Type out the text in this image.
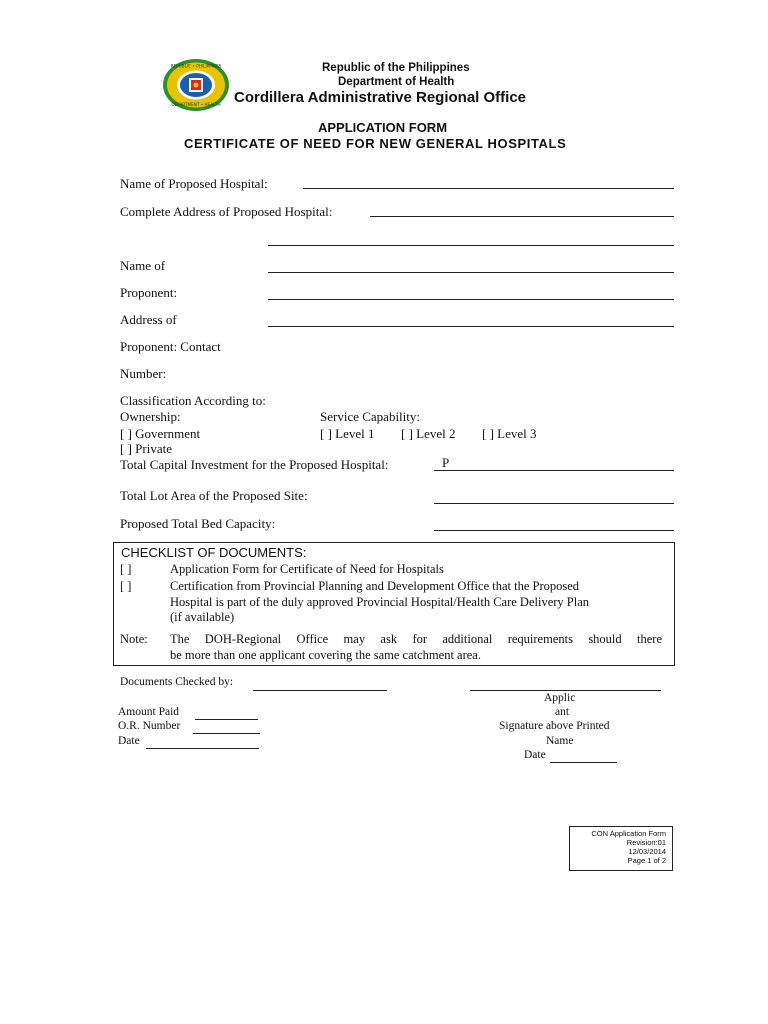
REPUBLIC • PHILIPPINES
DEPARTMENT • HEALTH
Republic of the Philippines
Department of Health
Cordillera Administrative Regional Office
APPLICATION FORM
CERTIFICATE OF NEED FOR NEW GENERAL HOSPITALS
Name of Proposed Hospital:
Complete Address of Proposed Hospital:
Name of
Proponent:
Address of
Proponent: Contact
Number:
Classification According to:
Ownership:
[ ] Government
[ ] Private
Service Capability:
[ ] Level 1 [ ] Level 2 [ ] Level 3
Total Capital Investment for the Proposed Hospital:	P
Total Lot Area of the Proposed Site:
Proposed Total Bed Capacity:
CHECKLIST OF DOCUMENTS:
[ ]	Application Form for Certificate of Need for Hospitals
[ ]	Certification from Provincial Planning and Development Office that the Proposed
Hospital is part of the duly approved Provincial Hospital/Health Care Delivery Plan
(if available)
Note: The DOH-Regional Office may ask for additional requirements should there
be more than one applicant covering the same catchment area.
Documents Checked by:
Applic
ant
Signature above Printed
Name
Date
Amount Paid
O.R. Number
Date
CON Application Form
Revision:01
12/03/2014
Page 1 of 2
